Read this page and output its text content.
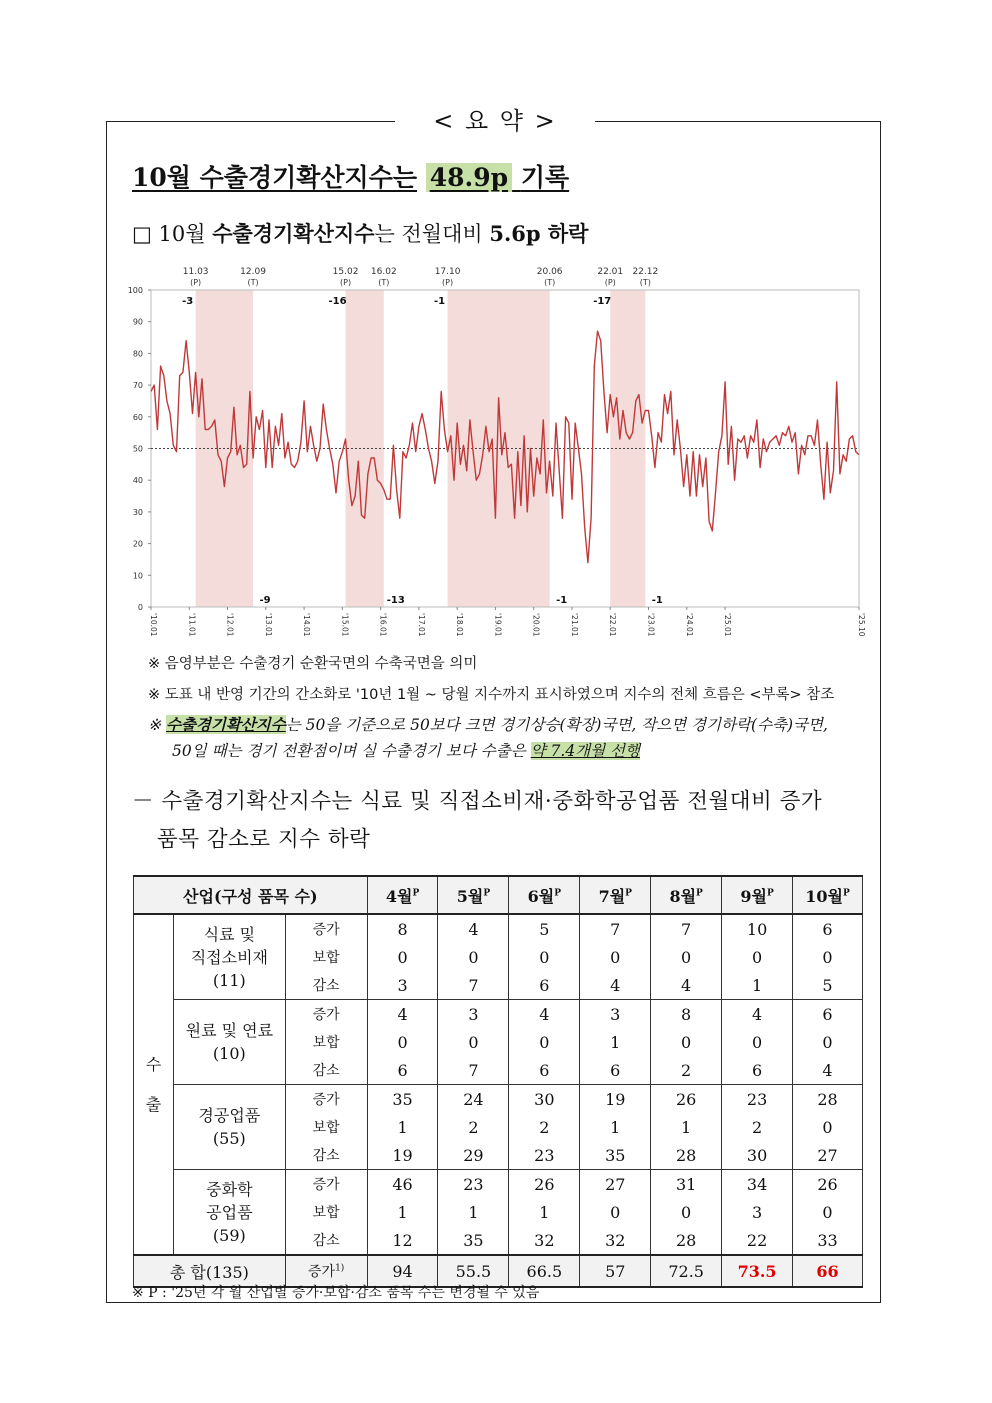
< 요 약 >
10월 수출경기확산지수는 48.9p 기록
□ 10월 수출경기확산지수는 전월대비 5.6p 하락
11.03
(P)
12.09
(T)
-3
-9
15.02
(P)
16.02
(T)
-16
-13
17.10
(P)
20.06
(T)
-1
-1
22.01
(P)
22.12
(T)
-17
-1
0
10
20
30
40
50
60
70
80
90
100
'10.01	'11.01	'12.01	'13.01	'14.01	'15.01	'16.01	'17.01	'18.01	'19.01	'20.01	'21.01	'22.01	'23.01	'24.01	'25.01	'25.10
※ 음영부분은 수출경기 순환국면의 수축국면을 의미
※ 도표 내 반영 기간의 간소화로 '10년 1월 ~ 당월 지수까지 표시하였으며 지수의 전체 흐름은 <부록> 참조
※ 수출경기확산지수는 50을 기준으로 50보다 크면 경기상승(확장)국면, 작으면 경기하락(수축)국면,
50일 때는 경기 전환점이며 실 수출경기 보다 수출은 약 7.4개월 선행
－ 수출경기확산지수는 식료 및 직접소비재·중화학공업품 전월대비 증가
품목 감소로 지수 하락
산업(구성 품목 수)			4월$^P$	5월$^P$	6월$^P$	7월$^P$	8월$^P$	9월$^P$	10월$^P$
수
출	식료 및
직접소비재
(11)	증가	8	4	5	7	7	10	6
		보합	0	0	0	0	0	0	0
		감소	3	7	6	4	4	1	5
	원료 및 연료
(10)	증가	4	3	4	3	8	4	6
		보합	0	0	0	1	0	0	0
		감소	6	7	6	6	2	6	4
	경공업품
(55)	증가	35	24	30	19	26	23	28
		보합	1	2	2	1	1	2	0
		감소	19	29	23	35	28	30	27
	중화학
공업품
(59)	증가	46	23	26	27	31	34	26
		보합	1	1	1	0	0	3	0
		감소	12	35	32	32	28	22	33
총 합(135)		증가$^{1)}$	94	55.5	66.5	57	72.5	73.5	66
※ P : '25년 각 월 산업별 증가·보합·감소 품목 수는 변경될 수 있음
